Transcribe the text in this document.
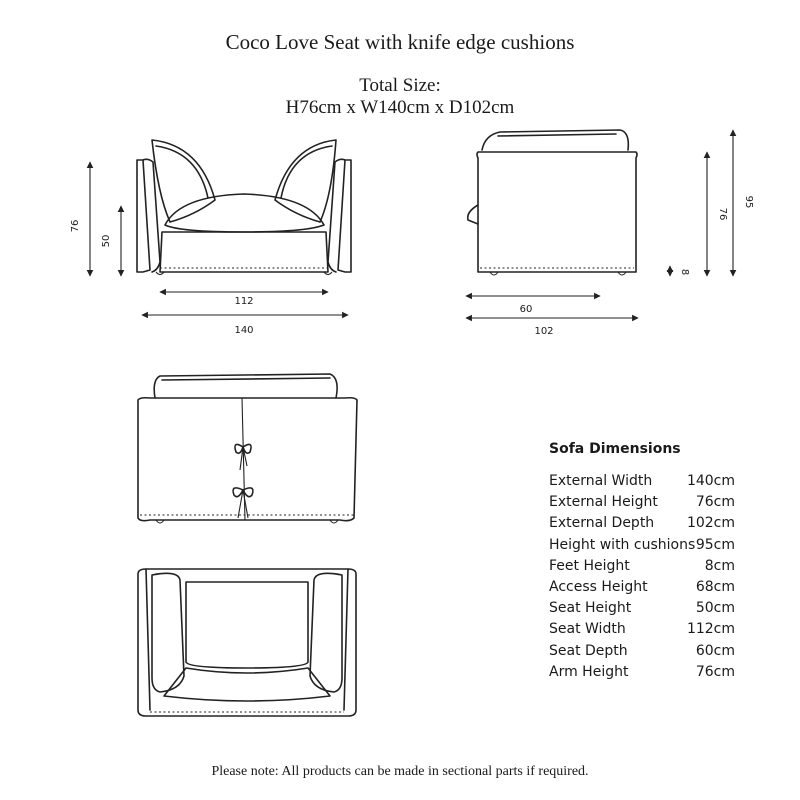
Coco Love Seat with knife edge cushions
Total Size:
H76cm x W140cm x D102cm
76
50
112
140
76
95
8
60
102
Sofa Dimensions
External Width 140cm
External Height	76cm
External Depth 102cm
Height with cushions 95cm
Feet Height	8cm
Access Height	68cm
Seat Height	50cm
Seat Width	112cm
Seat Depth	60cm
Arm Height	76cm
Please note: All products can be made in sectional parts if required.
